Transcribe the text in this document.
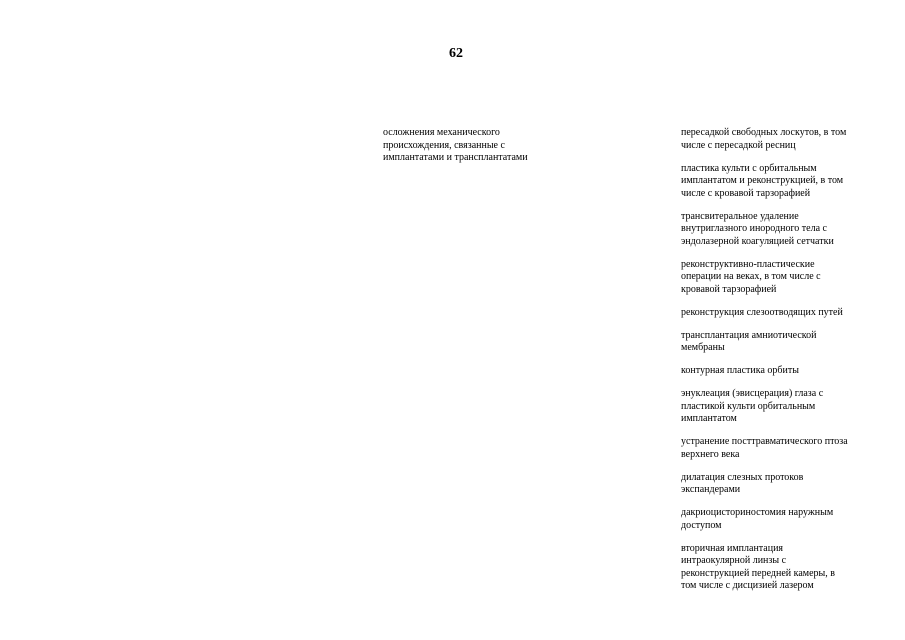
62
осложнения механического
происхождения, связанные с
имплантатами и трансплантатами
пересадкой свободных лоскутов, в том
числе с пересадкой ресниц
пластика культи с орбитальным
имплантатом и реконструкцией, в том
числе с кровавой тарзорафией
трансвитеральное удаление
внутриглазного инородного тела с
эндолазерной коагуляцией сетчатки
реконструктивно-пластические
операции на веках, в том числе с
кровавой тарзорафией
реконструкция слезоотводящих путей
трансплантация амниотической
мембраны
контурная пластика орбиты
энуклеация (эвисцерация) глаза с
пластикой культи орбитальным
имплантатом
устранение посттравматического птоза
верхнего века
дилатация слезных протоков
экспандерами
дакриоцисториностомия наружным
доступом
вторичная имплантация
интраокулярной линзы с
реконструкцией передней камеры, в
том числе с дисцизией лазером
